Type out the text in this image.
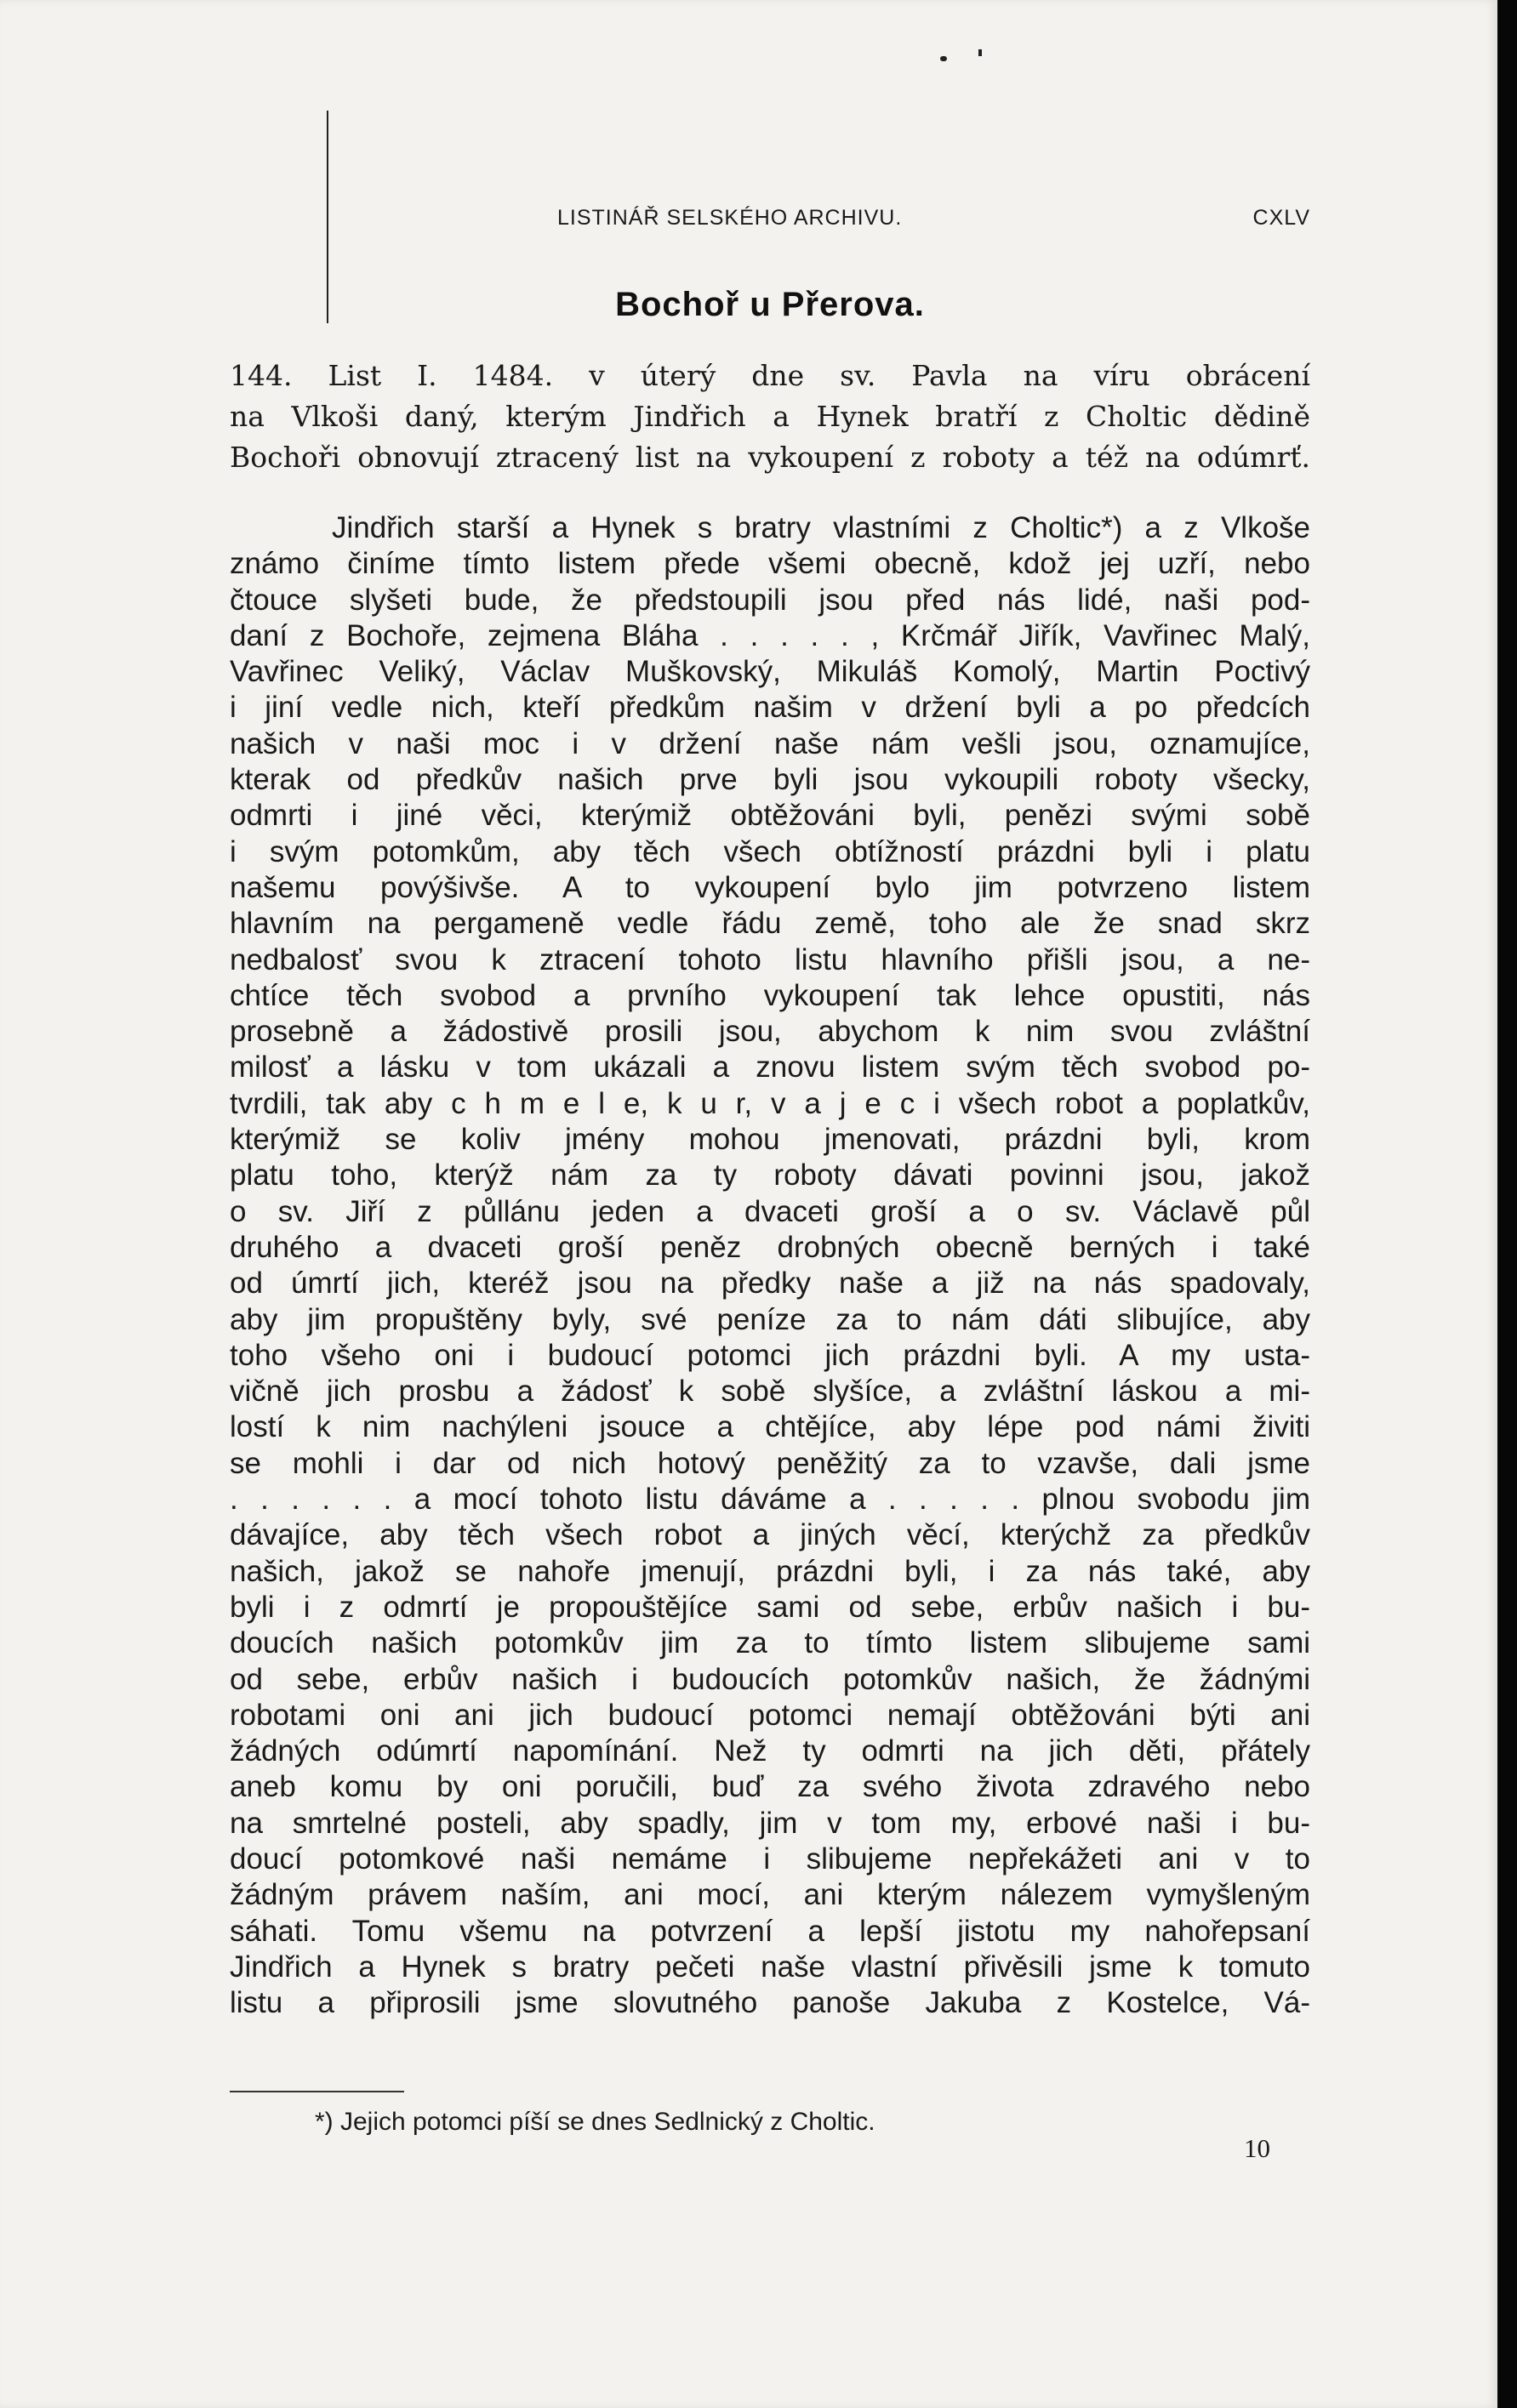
LISTINÁŘ SELSKÉHO ARCHIVU.	CXLV
Bochoř u Přerova.
144. List I. 1484. v úterý dne sv. Pavla na víru obrácení
na Vlkoši daný, kterým Jindřich a Hynek bratří z Choltic dědině
Bochoři obnovují ztracený list na vykoupení z roboty a též na odúmrť.
Jindřich starší a Hynek s bratry vlastními z Choltic*) a z Vlkoše
známo činíme tímto listem přede všemi obecně, kdož jej uzří, nebo
čtouce slyšeti bude, že předstoupili jsou před nás lidé, naši pod-
daní z Bochoře, zejmena Bláha . . . . . , Krčmář Jiřík, Vavřinec Malý,
Vavřinec Veliký, Václav Muškovský, Mikuláš Komolý, Martin Poctivý
i jiní vedle nich, kteří předkům našim v držení byli a po předcích
našich v naši moc i v držení naše nám vešli jsou, oznamujíce,
kterak od předkův našich prve byli jsou vykoupili roboty všecky,
odmrti i jiné věci, kterýmiž obtěžováni byli, penězi svými sobě
i svým potomkům, aby těch všech obtížností prázdni byli i platu
našemu povýšivše. A to vykoupení bylo jim potvrzeno listem
hlavním na pergameně vedle řádu země, toho ale že snad skrz
nedbalosť svou k ztracení tohoto listu hlavního přišli jsou, a ne-
chtíce těch svobod a prvního vykoupení tak lehce opustiti, nás
prosebně a žádostivě prosili jsou, abychom k nim svou zvláštní
milosť a lásku v tom ukázali a znovu listem svým těch svobod po-
tvrdili, tak aby c h m e l e, k u r, v a j e c i všech robot a poplatkův,
kterýmiž se koliv jmény mohou jmenovati, prázdni byli, krom
platu toho, kterýž nám za ty roboty dávati povinni jsou, jakož
o sv. Jiří z půllánu jeden a dvaceti groší a o sv. Václavě půl
druhého a dvaceti groší peněz drobných obecně berných i také
od úmrtí jich, kteréž jsou na předky naše a již na nás spadovaly,
aby jim propuštěny byly, své peníze za to nám dáti slibujíce, aby
toho všeho oni i budoucí potomci jich prázdni byli. A my usta-
vičně jich prosbu a žádosť k sobě slyšíce, a zvláštní láskou a mi-
lostí k nim nachýleni jsouce a chtějíce, aby lépe pod námi živiti
se mohli i dar od nich hotový peněžitý za to vzavše, dali jsme
. . . . . . a mocí tohoto listu dáváme a . . . . . plnou svobodu jim
dávajíce, aby těch všech robot a jiných věcí, kterýchž za předkův
našich, jakož se nahoře jmenují, prázdni byli, i za nás také, aby
byli i z odmrtí je propouštějíce sami od sebe, erbův našich i bu-
doucích našich potomkův jim za to tímto listem slibujeme sami
od sebe, erbův našich i budoucích potomkův našich, že žádnými
robotami oni ani jich budoucí potomci nemají obtěžováni býti ani
žádných odúmrtí napomínání. Než ty odmrti na jich děti, přátely
aneb komu by oni poručili, buď za svého života zdravého nebo
na smrtelné posteli, aby spadly, jim v tom my, erbové naši i bu-
doucí potomkové naši nemáme i slibujeme nepřekážeti ani v to
žádným právem naším, ani mocí, ani kterým nálezem vymyšleným
sáhati. Tomu všemu na potvrzení a lepší jistotu my nahořepsaní
Jindřich a Hynek s bratry pečeti naše vlastní přivěsili jsme k tomuto
listu a připrosili jsme slovutného panoše Jakuba z Kostelce, Vá-
*) Jejich potomci píší se dnes Sedlnický z Choltic.
10
